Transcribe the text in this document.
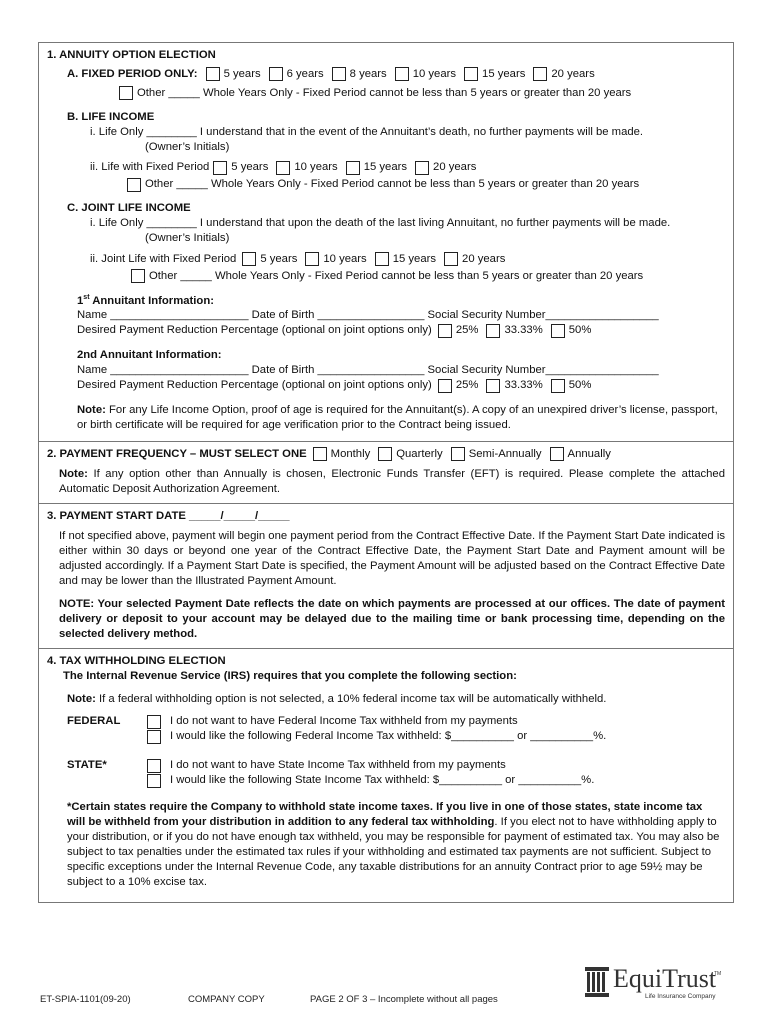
1. ANNUITY OPTION ELECTION
A. FIXED PERIOD ONLY: 5 years 6 years 8 years 10 years 15 years 20 years
Other _____ Whole Years Only - Fixed Period cannot be less than 5 years or greater than 20 years
B. LIFE INCOME
i. Life Only ________ I understand that in the event of the Annuitant’s death, no further payments will be made.
(Owner’s Initials)
ii. Life with Fixed Period 5 years 10 years 15 years 20 years
Other _____ Whole Years Only - Fixed Period cannot be less than 5 years or greater than 20 years
C. JOINT LIFE INCOME
i. Life Only ________ I understand that upon the death of the last living Annuitant, no further payments will be made.
(Owner’s Initials)
ii. Joint Life with Fixed Period 5 years 10 years 15 years 20 years
Other _____ Whole Years Only - Fixed Period cannot be less than 5 years or greater than 20 years
1st Annuitant Information:
Name ______________________ Date of Birth _________________ Social Security Number__________________
Desired Payment Reduction Percentage (optional on joint options only) 25% 33.33% 50%
2nd Annuitant Information:
Name ______________________ Date of Birth _________________ Social Security Number__________________
Desired Payment Reduction Percentage (optional on joint options only) 25% 33.33% 50%

Note: For any Life Income Option, proof of age is required for the Annuitant(s). A copy of an unexpired driver’s license, passport, or birth certificate will be required for age verification prior to the Contract being issued.

2. PAYMENT FREQUENCY – MUST SELECT ONE Monthly Quarterly Semi-Annually Annually

Note: If any option other than Annually is chosen, Electronic Funds Transfer (EFT) is required. Please complete the attached Automatic Deposit Authorization Agreement.

3. PAYMENT START DATE _____/_____/_____

If not specified above, payment will begin one payment period from the Contract Effective Date. If the Payment Start Date indicated is either within 30 days or beyond one year of the Contract Effective Date, the Payment Start Date and Payment amount will be adjusted accordingly. If a Payment Start Date is specified, the Payment Amount will be adjusted based on the Contract Effective Date and may be lower than the Illustrated Payment Amount.

NOTE: Your selected Payment Date reflects the date on which payments are processed at our offices. The date of payment delivery or deposit to your account may be delayed due to the mailing time or bank processing time, depending on the selected delivery method.

4. TAX WITHHOLDING ELECTION
The Internal Revenue Service (IRS) requires that you complete the following section:

Note: If a federal withholding option is not selected, a 10% federal income tax will be automatically withheld.

FEDERAL	I do not want to have Federal Income Tax withheld from my payments
I would like the following Federal Income Tax withheld: $__________ or __________%.
STATE*	I do not want to have State Income Tax withheld from my payments
I would like the following State Income Tax withheld: $__________ or __________%.

*Certain states require the Company to withhold state income taxes. If you live in one of those states, state income tax will be withheld from your distribution in addition to any federal tax withholding. If you elect not to have withholding apply to your distribution, or if you do not have enough tax withheld, you may be responsible for payment of estimated tax. You may also be subject to tax penalties under the estimated tax rules if your withholding and estimated tax payments are not sufficient. Subject to specific exceptions under the Internal Revenue Code, any taxable distributions for an annuity Contract prior to age 59½ may be subject to a 10% excise tax.

ET-SPIA-1101(09-20)	COMPANY COPY	PAGE 2 OF 3 – Incomplete without all pages
EquiTrust
TM
Life Insurance Company
